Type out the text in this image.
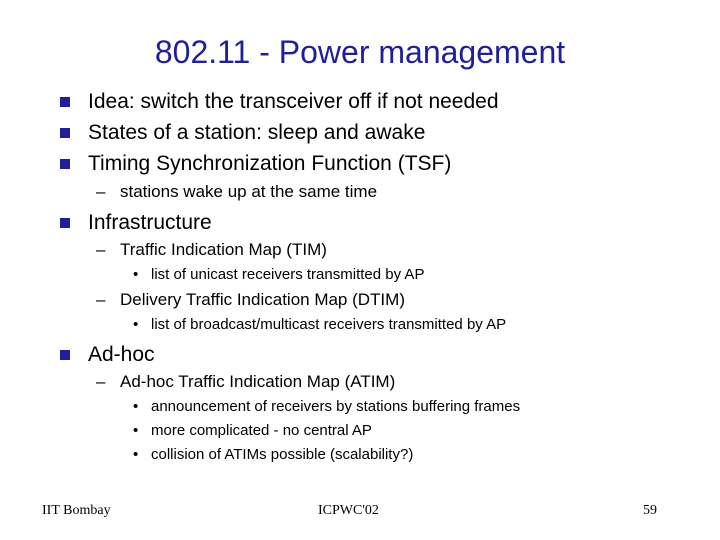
802.11 - Power management
Idea: switch the transceiver off if not needed
States of a station: sleep and awake
Timing Synchronization Function (TSF)
– stations wake up at the same time
Infrastructure
– Traffic Indication Map (TIM)
• list of unicast receivers transmitted by AP
– Delivery Traffic Indication Map (DTIM)
• list of broadcast/multicast receivers transmitted by AP
Ad-hoc
– Ad-hoc Traffic Indication Map (ATIM)
• announcement of receivers by stations buffering frames
• more complicated - no central AP
• collision of ATIMs possible (scalability?)
IIT Bombay	ICPWC'02	59
